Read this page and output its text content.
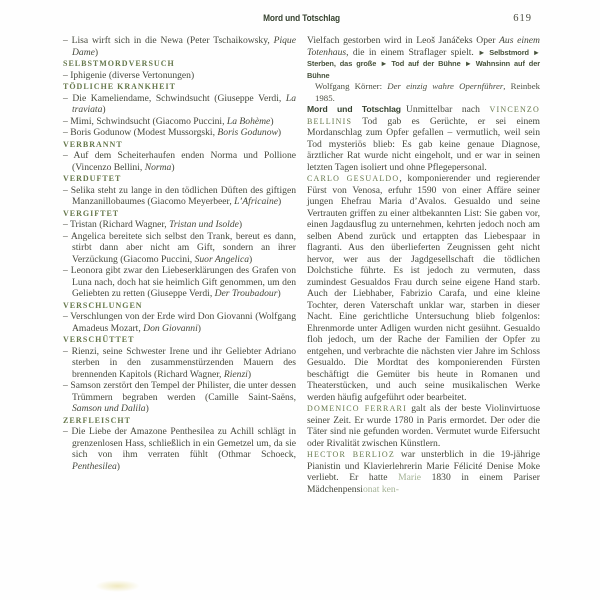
Mord und Totschlag	619

– Lisa wirft sich in die Newa (Peter Tschaikowsky, Pique Dame)

SELBSTMORDVERSUCH

– Iphigenie (diverse Vertonungen)

TÖDLICHE KRANKHEIT

– Die Kameliendame, Schwindsucht (Giuseppe Verdi, La traviata)

– Mimi, Schwindsucht (Giacomo Puccini, La Bohème)

– Boris Godunow (Modest Mussorgski, Boris Godunow)

VERBRANNT

– Auf dem Scheiterhaufen enden Norma und Pollione (Vincenzo Bellini, Norma)

VERDUFTET

– Selika steht zu lange in den tödlichen Düften des giftigen Manzanillobaumes (Giacomo Meyerbeer, L’Africaine)

VERGIFTET

– Tristan (Richard Wagner, Tristan und Isolde)

– Angelica bereitete sich selbst den Trank, bereut es dann, stirbt dann aber nicht am Gift, sondern an ihrer Verzückung (Giacomo Puccini, Suor Angelica)

– Leonora gibt zwar den Liebeserklärungen des Grafen von Luna nach, doch hat sie heimlich Gift genommen, um den Geliebten zu retten (Giuseppe Verdi, Der Troubadour)

VERSCHLUNGEN

– Verschlungen von der Erde wird Don Giovanni (Wolfgang Amadeus Mozart, Don Giovanni)

VERSCHÜTTET

– Rienzi, seine Schwester Irene und ihr Geliebter Adriano sterben in den zusammenstürzenden Mauern des brennenden Kapitols (Richard Wagner, Rienzi)

– Samson zerstört den Tempel der Philister, die unter dessen Trümmern begraben werden (Camille Saint-Saëns, Samson und Dalila)

ZERFLEISCHT

– Die Liebe der Amazone Penthesilea zu Achill schlägt in grenzenlosen Hass, schließlich in ein Gemetzel um, da sie sich von ihm verraten fühlt (Othmar Schoeck, Penthesilea)

Vielfach gestorben wird in Leoš Janáčeks Oper Aus einem Totenhaus, die in einem Straflager spielt. ► Selbstmord ► Sterben, das große ► Tod auf der Bühne ► Wahnsinn auf der Bühne

Wolfgang Körner: Der einzig wahre Opernführer, Reinbek 1985.

Mord und Totschlag Unmittelbar nach VINCENZO BELLINIS Tod gab es Gerüchte, er sei einem Mordanschlag zum Opfer gefallen – vermutlich, weil sein Tod mysteriös blieb: Es gab keine genaue Diagnose, ärztlicher Rat wurde nicht eingeholt, und er war in seinen letzten Tagen isoliert und ohne Pflegepersonal.

CARLO GESUALDO, komponierender und regierender Fürst von Venosa, erfuhr 1590 von einer Affäre seiner jungen Ehefrau Maria d’Avalos. Gesualdo und seine Vertrauten griffen zu einer altbekannten List: Sie gaben vor, einen Jagdausflug zu unternehmen, kehrten jedoch noch am selben Abend zurück und ertappten das Liebespaar in flagranti. Aus den überlieferten Zeugnissen geht nicht hervor, wer aus der Jagdgesellschaft die tödlichen Dolchstiche führte. Es ist jedoch zu vermuten, dass zumindest Gesualdos Frau durch seine eigene Hand starb. Auch der Liebhaber, Fabrizio Carafa, und eine kleine Tochter, deren Vaterschaft unklar war, starben in dieser Nacht. Eine gerichtliche Untersuchung blieb folgenlos: Ehrenmorde unter Adligen wurden nicht gesühnt. Gesualdo floh jedoch, um der Rache der Familien der Opfer zu entgehen, und verbrachte die nächsten vier Jahre im Schloss Gesualdo. Die Mordtat des komponierenden Fürsten beschäftigt die Gemüter bis heute in Romanen und Theaterstücken, und auch seine musikalischen Werke werden häufig aufgeführt oder bearbeitet.

DOMENICO FERRARI galt als der beste Violinvirtuose seiner Zeit. Er wurde 1780 in Paris ermordet. Der oder die Täter sind nie gefunden worden. Vermutet wurde Eifersucht oder Rivalität zwischen Künstlern.

HECTOR BERLIOZ war unsterblich in die 19-jährige Pianistin und Klavierlehrerin Marie Félicité Denise Moke verliebt. Er hatte Marie 1830 in einem Pariser Mädchenpensionat ken-
